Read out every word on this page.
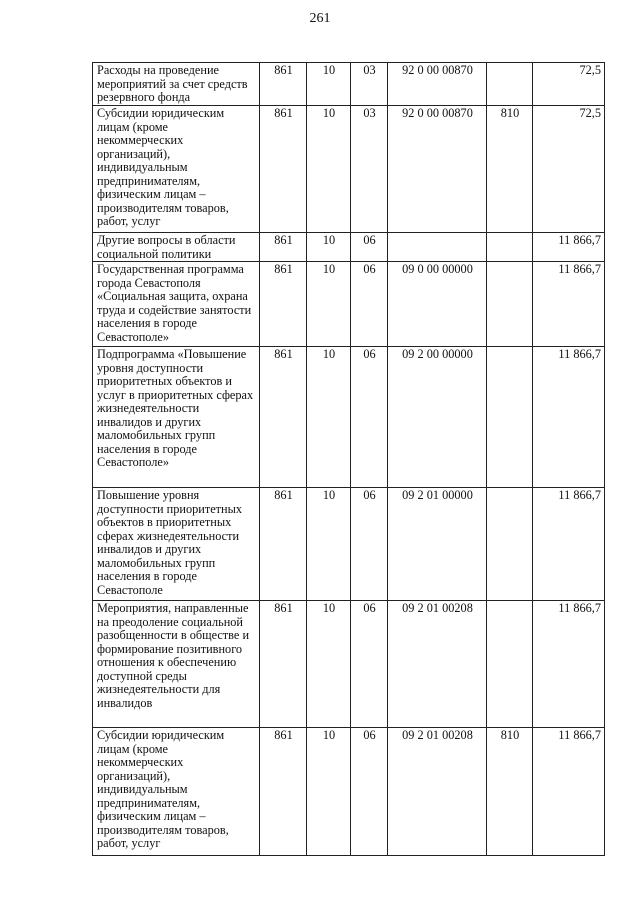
261
Расходы на проведение мероприятий за счет средств резервного фонда	861	10	03	92 0 00 00870		72,5
Субсидии юридическим лицам (кроме некоммерческих организаций), индивидуальным предпринимателям, физическим лицам – производителям товаров, работ, услуг	861	10	03	92 0 00 00870	810	72,5
Другие вопросы в области социальной политики	861	10	06			11 866,7
Государственная программа города Севастополя «Социальная защита, охрана труда и содействие занятости населения в городе Севастополе»	861	10	06	09 0 00 00000		11 866,7
Подпрограмма «Повышение уровня доступности приоритетных объектов и услуг в приоритетных сферах жизнедеятельности инвалидов и других маломобильных групп населения в городе Севастополе»	861	10	06	09 2 00 00000		11 866,7
Повышение уровня доступности приоритетных объектов в приоритетных сферах жизнедеятельности инвалидов и других маломобильных групп населения в городе Севастополе	861	10	06	09 2 01 00000		11 866,7
Мероприятия, направленные на преодоление социальной разобщенности в обществе и формирование позитивного отношения к обеспечению доступной среды жизнедеятельности для инвалидов	861	10	06	09 2 01 00208		11 866,7
Субсидии юридическим лицам (кроме некоммерческих организаций), индивидуальным предпринимателям, физическим лицам – производителям товаров, работ, услуг	861	10	06	09 2 01 00208	810	11 866,7
